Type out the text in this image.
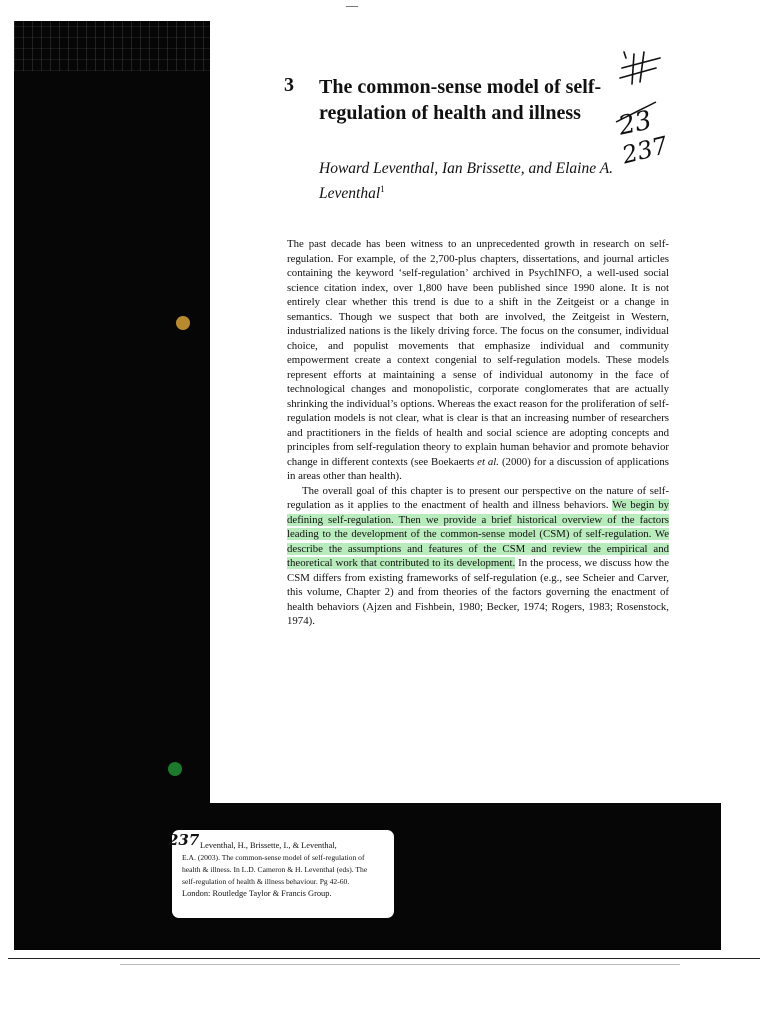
3 The common-sense model of self-regulation of health and illness
Howard Leventhal, Ian Brissette, and Elaine A. Leventhal$^1$

The past decade has been witness to an unprecedented growth in research on self-regulation. For example, of the 2,700-plus chapters, dissertations, and journal articles containing the keyword ‘self-regulation’ archived in PsychINFO, a well-used social science citation index, over 1,800 have been published since 1990 alone. It is not entirely clear whether this trend is due to a shift in the Zeitgeist or a change in semantics. Though we suspect that both are involved, the Zeitgeist in Western, industrialized nations is the likely driving force. The focus on the consumer, individual choice, and populist movements that emphasize individual and community empowerment create a context congenial to self-regulation models. These models represent efforts at maintaining a sense of individual autonomy in the face of technological changes and monopolistic, corporate conglomerates that are actually shrinking the individual’s options. Whereas the exact reason for the proliferation of self-regulation models is not clear, what is clear is that an increasing number of researchers and practitioners in the fields of health and social science are adopting concepts and principles from self-regulation theory to explain human behavior and promote behavior change in different contexts (see Boekaerts et al. (2000) for a discussion of applications in areas other than health).

The overall goal of this chapter is to present our perspective on the nature of self-regulation as it applies to the enactment of health and illness behaviors. We begin by defining self-regulation. Then we provide a brief historical overview of the factors leading to the development of the common-sense model (CSM) of self-regulation. We describe the assumptions and features of the CSM and review the empirical and theoretical work that contributed to its development. In the process, we discuss how the CSM differs from existing frameworks of self-regulation (e.g., see Scheier and Carver, this volume, Chapter 2) and from theories of the factors governing the enactment of health behaviors (Ajzen and Fishbein, 1980; Becker, 1974; Rogers, 1983; Rosenstock, 1974).

23
237
Leventhal, H., Brissette, I., & Leventhal,
E.A. (2003). The common-sense model of self-regulation of
health & illness. In L.D. Cameron & H. Leventhal (eds). The
self-regulation of health & illness behaviour. Pg 42-60.
London: Routledge Taylor & Francis Group.
237
